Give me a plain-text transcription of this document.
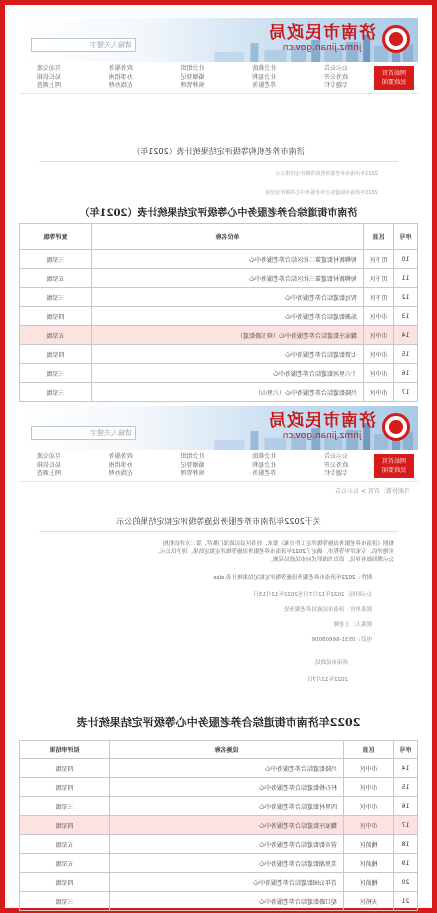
济南市民政局
jnmz.jinan.gov.cn
请输入关键字
网站首页
民政要闻
公示公告
政务公开
专题专栏
社会救助
社会福利
养老服务
社会组织
婚姻登记
殡葬管理
政务服务
办事指南
在线办理
互动交流
局长信箱
网上调查
济南市养老机构等级评定结果统计表（2021年）
2021年济南市养老服务机构等级评定结果公示
2021年济南市街道综合养老服务中心等级评定结果
济南市街道综合养老服务中心等级评定结果统计表（2021年）
序号	区县	单位名称	复评等级
10	历下区	甸柳新村街道第二社区综合养老服务中心	三星级
11	历下区	甸柳新村街道第三社区综合养老服务中心	五星级
12	历下区	智远街道综合养老服务中心	三星级
13	市中区	泺源街道综合养老服务中心	四星级
14	市中区	魏家庄街道综合养老服务中心（舜玉路街道）	五星级
15	市中区	七贤街道综合养老服务中心	四星级
16	市中区	十六里河街道综合养老服务中心	三星级
17	市中区	兴隆街道综合养老服务中心（六里山）	三星级
济南市民政局
jnmz.jinan.gov.cn
请输入关键字
网站首页
民政要闻
公示公告
政务公开
专题专栏
社会救助
社会福利
养老服务
社会组织
婚姻登记
殡葬管理
政务服务
办事指南
在线办理
互动交流
局长信箱
网上调查
当前位置：首页 > 公示公告
关于2022年济南市养老服务设施等级评定拟定结果的公示
根据《济南市养老服务设施等级评定工作方案》要求，经各区县民政部门推荐、第三方评估机构
实地评估、专家评审等程序，确定了2022年济南市养老服务设施等级评定拟定结果，现予以公示。
公示期间如有异议，请以书面形式向市民政局反映。
附件：2022年济南市养老服务设施等级评定拟定结果统计表.xlsx
公示时间：2022年12月7日至2022年12月13日
联系单位：济南市民政局养老服务处
联系人：王老师
电话：0531-66608006
济南市民政局
2022年12月7日
2022年济南市街道综合养老服务中心等级评定结果统计表
序号	区县	设施名称	拟评审结果
14	市中区	兴隆街道综合养老服务中心	四星级
15	市中区	杆石桥街道综合养老服务中心	四星级
16	市中区	四里村街道综合养老服务中心	三星级
17	市中区	魏家庄街道综合养老服务中心	四星级
18	槐荫区	营市街街道综合养老服务中心	五星级
19	槐荫区	美里湖街道综合养老服务中心	五星级
20	槐荫区	青年公园街道综合养老服务中心	四星级
21	天桥区	堤口路街道综合养老服务中心	三星级
